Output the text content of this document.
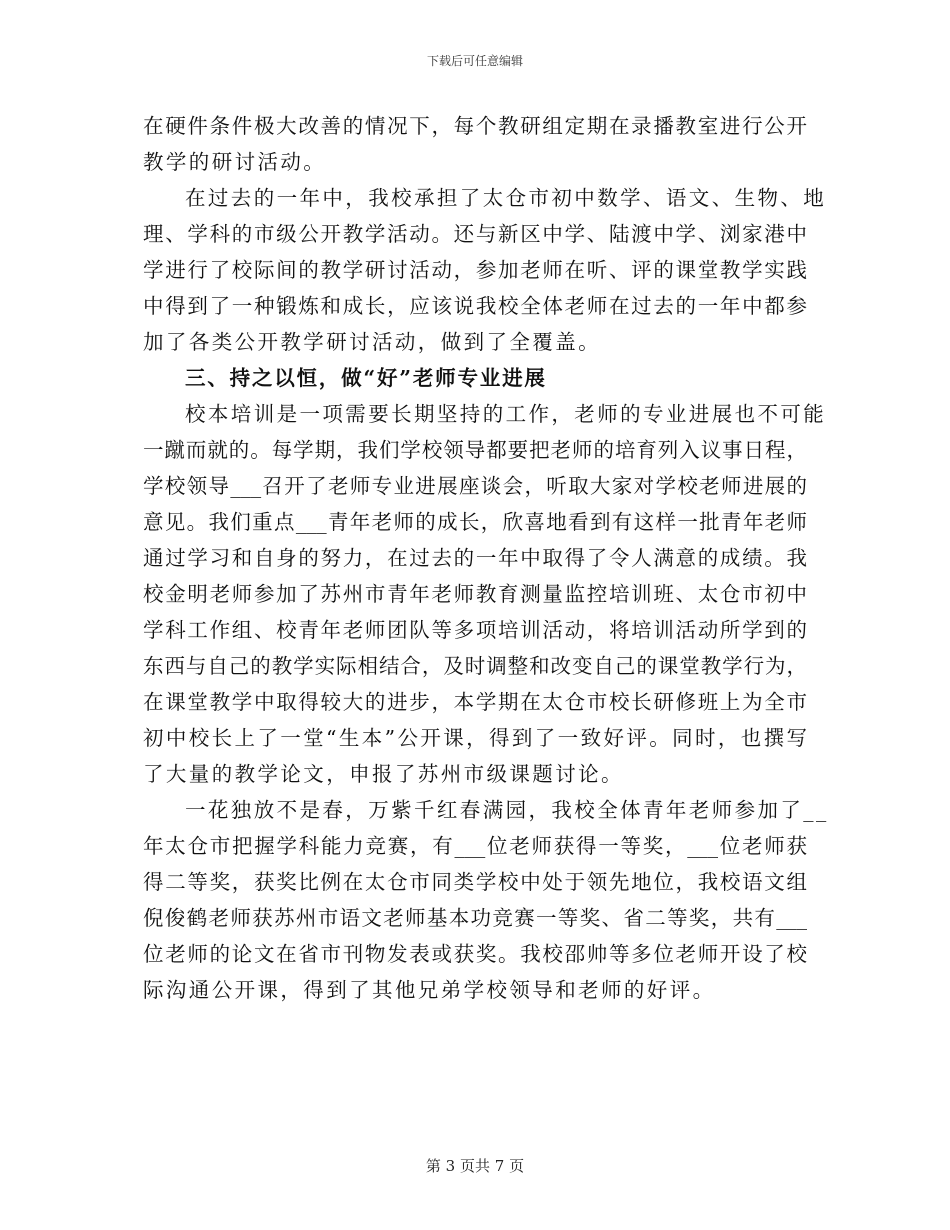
下载后可任意编辑
在硬件条件极大改善的情况下，每个教研组定期在录播教室进行公开
教学的研讨活动。
在过去的一年中，我校承担了太仓市初中数学、语文、生物、地
理、学科的市级公开教学活动。还与新区中学、陆渡中学、浏家港中
学进行了校际间的教学研讨活动，参加老师在听、评的课堂教学实践
中得到了一种锻炼和成长，应该说我校全体老师在过去的一年中都参
加了各类公开教学研讨活动，做到了全覆盖。
三、持之以恒，做“好”老师专业进展
校本培训是一项需要长期坚持的工作，老师的专业进展也不可能
一蹴而就的。每学期，我们学校领导都要把老师的培育列入议事日程，
学校领导___召开了老师专业进展座谈会，听取大家对学校老师进展的
意见。我们重点___青年老师的成长，欣喜地看到有这样一批青年老师
通过学习和自身的努力，在过去的一年中取得了令人满意的成绩。我
校金明老师参加了苏州市青年老师教育测量监控培训班、太仓市初中
学科工作组、校青年老师团队等多项培训活动，将培训活动所学到的
东西与自己的教学实际相结合，及时调整和改变自己的课堂教学行为，
在课堂教学中取得较大的进步，本学期在太仓市校长研修班上为全市
初中校长上了一堂“生本”公开课，得到了一致好评。同时，也撰写
了大量的教学论文，申报了苏州市级课题讨论。
一花独放不是春，万紫千红春满园，我校全体青年老师参加了__
年太仓市把握学科能力竞赛，有___位老师获得一等奖，___位老师获
得二等奖，获奖比例在太仓市同类学校中处于领先地位，我校语文组
倪俊鹤老师获苏州市语文老师基本功竞赛一等奖、省二等奖，共有___
位老师的论文在省市刊物发表或获奖。我校邵帅等多位老师开设了校
际沟通公开课，得到了其他兄弟学校领导和老师的好评。
第 3 页共 7 页
